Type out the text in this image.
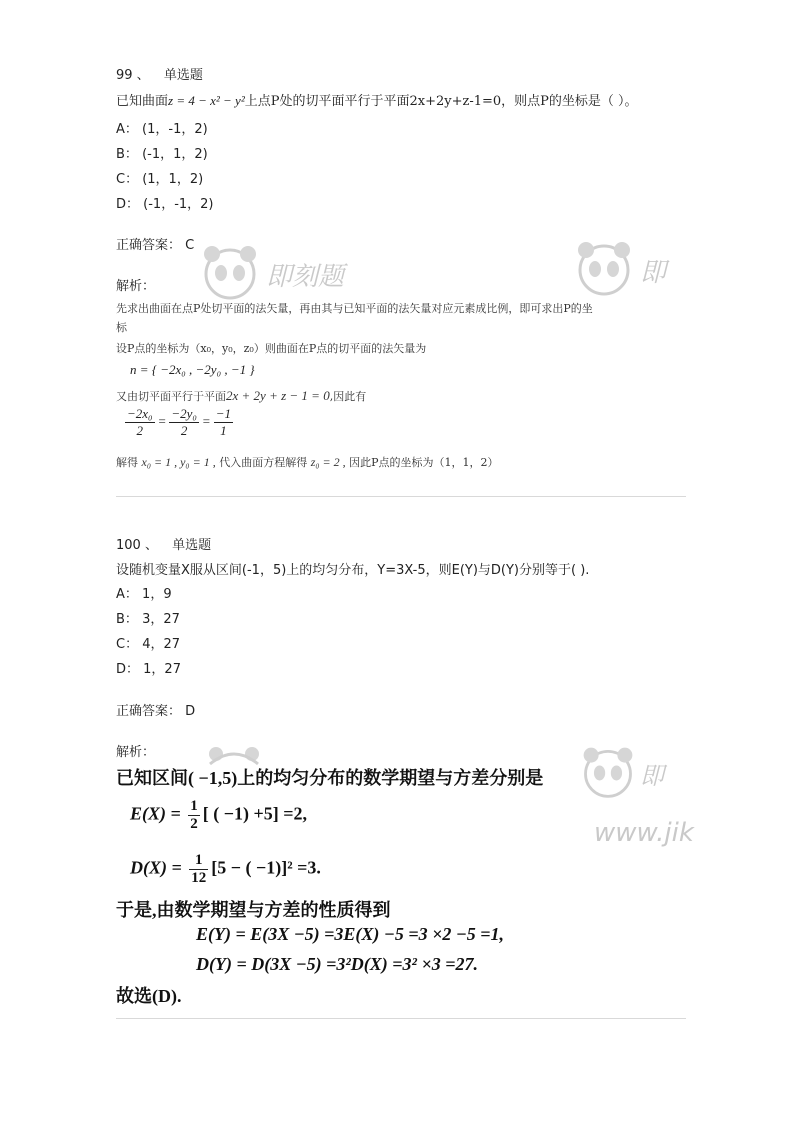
99 、 单选题
已知曲面z = 4 − x² − y²上点P处的切平面平行于平面2x+2y+z-1=0，则点P的坐标是（ ）。
A： (1，-1，2)
B： (-1，1，2)
C： (1，1，2)
D： (-1，-1，2)
正确答案： C
解析：
先求出曲面在点P处切平面的法矢量，再由其与已知平面的法矢量对应元素成比例，即可求出P的坐
标
设P点的坐标为（x₀，y₀，z₀）则曲面在P点的切平面的法矢量为
n = { −2x₀ , −2y₀ , −1 }
又由切平面平行于平面2x + 2y + z − 1 = 0,因此有
$\frac{\text{−2x₀}}{2} = \frac{\text{−2y₀}}{2} = \frac{-1}{1}$
解得 x₀ = 1 , y₀ = 1 , 代入曲面方程解得 z₀ = 2 , 因此P点的坐标为（1，1，2）
100 、 单选题
设随机变量X服从区间(-1，5)上的均匀分布，Y=3X-5，则E(Y)与D(Y)分别等于( ).
A： 1，9
B： 3，27
C： 4，27
D： 1，27
正确答案： D
解析：
已知区间( −1,5)上的均匀分布的数学期望与方差分别是
$E(X) = \frac{1}{2}$ [ ( −1) +5] =2,
$D(X) = \frac{1}{12} [5$ − ( −1)]² =3.
于是,由数学期望与方差的性质得到
E(Y) = E(3X −5) =3E(X) −5 =3 ×2 −5 =1,
D(Y) = D(3X −5) =3²D(X) =3² ×3 =27.
故选(D).
即刻题	即
即
www.jik
